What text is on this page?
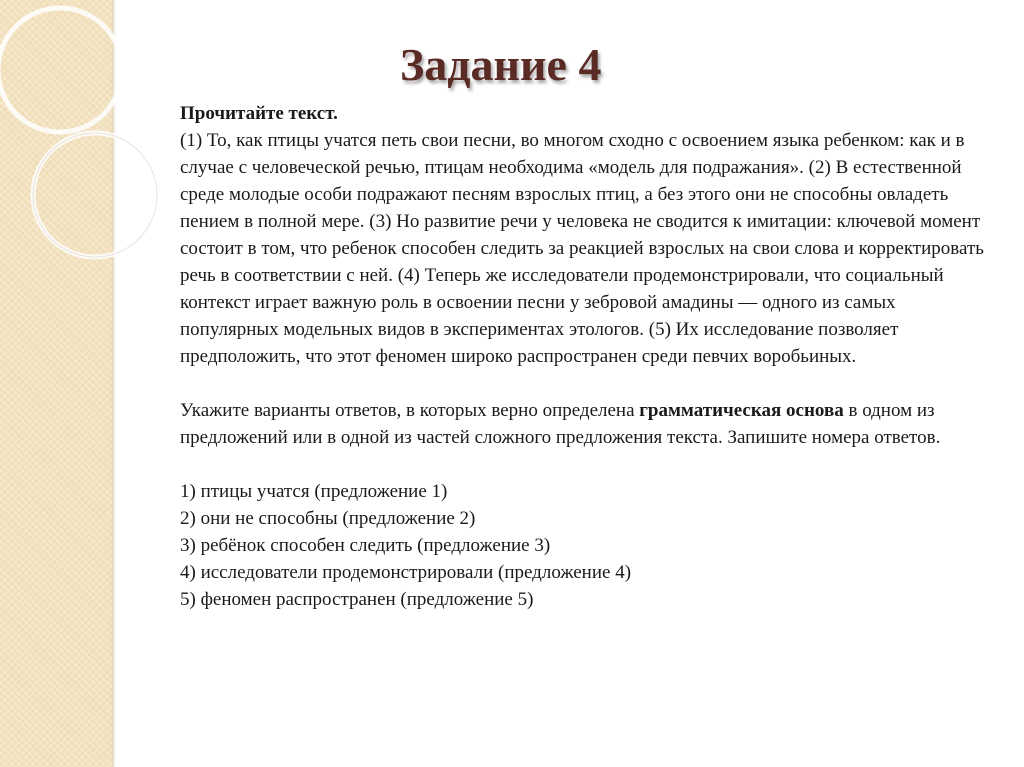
Задание 4

Прочитайте текст.

(1) То, как птицы учатся петь свои песни, во многом сходно с освоением языка ребенком: как и в случае с человеческой речью, птицам необходима «модель для подражания». (2) В естественной среде молодые особи подражают песням взрослых птиц, а без этого они не способны овладеть пением в полной мере. (3) Но развитие речи у человека не сводится к имитации: ключевой момент состоит в том, что ребенок способен следить за реакцией взрослых на свои слова и корректировать речь в соответствии с ней. (4) Теперь же исследователи продемонстрировали, что социальный контекст играет важную роль в освоении песни у зебровой амадины — одного из самых популярных модельных видов в экспериментах этологов. (5) Их исследование позволяет предположить, что этот феномен широко распространен среди певчих воробьиных.

Укажите варианты ответов, в которых верно определена грамматическая основа в одном из предложений или в одной из частей сложного предложения текста. Запишите номера ответов.

1) птицы учатся (предложение 1)
2) они не способны (предложение 2)
3) ребёнок способен следить (предложение 3)
4) исследователи продемонстрировали (предложение 4)
5) феномен распространен (предложение 5)
